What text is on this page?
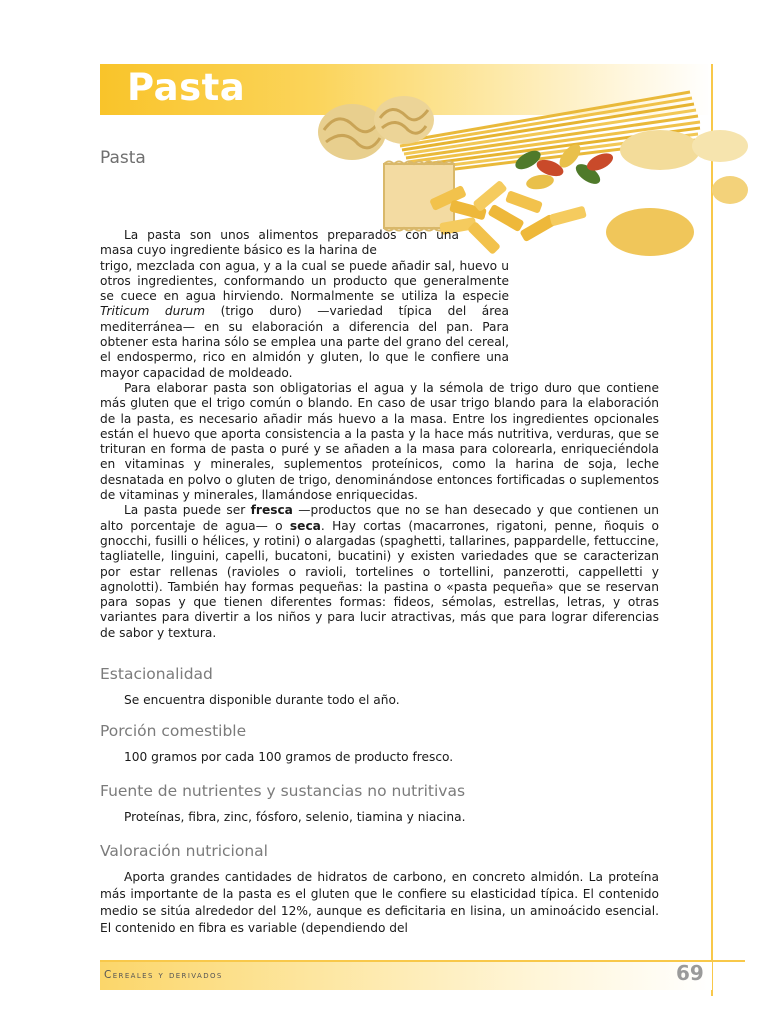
Pasta
Pasta

La pasta son unos alimentos preparados con una masa cuyo ingrediente básico es la harina de

trigo, mezclada con agua, y a la cual se puede añadir sal, huevo u otros ingredientes, conformando un producto que generalmente se cuece en agua hirviendo. Normalmente se utiliza la especie Triticum durum (trigo duro) —variedad típica del área mediterránea— en su elaboración a diferencia del pan. Para obtener esta harina sólo se emplea una parte del grano del cereal, el endospermo, rico en almidón y gluten, lo que le confiere una mayor capacidad de moldeado.

Para elaborar pasta son obligatorias el agua y la sémola de trigo duro que contiene más gluten que el trigo común o blando. En caso de usar trigo blando para la elaboración de la pasta, es necesario añadir más huevo a la masa. Entre los ingredientes opcionales están el huevo que aporta consistencia a la pasta y la hace más nutritiva, verduras, que se trituran en forma de pasta o puré y se añaden a la masa para colorearla, enriqueciéndola en vitaminas y minerales, suplementos proteínicos, como la harina de soja, leche desnatada en polvo o gluten de trigo, denominándose entonces fortificadas o suplementos de vitaminas y minerales, llamándose enriquecidas.

La pasta puede ser fresca —productos que no se han desecado y que contienen un alto porcentaje de agua— o seca. Hay cortas (macarrones, rigatoni, penne, ñoquis o gnocchi, fusilli o hélices, y rotini) o alargadas (spaghetti, tallarines, pappardelle, fettuccine, tagliatelle, linguini, capelli, bucatoni, bucatini) y existen variedades que se caracterizan por estar rellenas (ravioles o ravioli, tortelines o tortellini, panzerotti, cappelletti y agnolotti). También hay formas pequeñas: la pastina o «pasta pequeña» que se reservan para sopas y que tienen diferentes formas: fideos, sémolas, estrellas, letras, y otras variantes para divertir a los niños y para lucir atractivas, más que para lograr diferencias de sabor y textura.

Estacionalidad
Se encuentra disponible durante todo el año.
Porción comestible
100 gramos por cada 100 gramos de producto fresco.
Fuente de nutrientes y sustancias no nutritivas
Proteínas, fibra, zinc, fósforo, selenio, tiamina y niacina.
Valoración nutricional

Aporta grandes cantidades de hidratos de carbono, en concreto almidón. La proteína más importante de la pasta es el gluten que le confiere su elasticidad típica. El contenido medio se sitúa alrededor del 12%, aunque es deficitaria en lisina, un aminoácido esencial. El contenido en fibra es variable (dependiendo del

Cereales y derivados	69
